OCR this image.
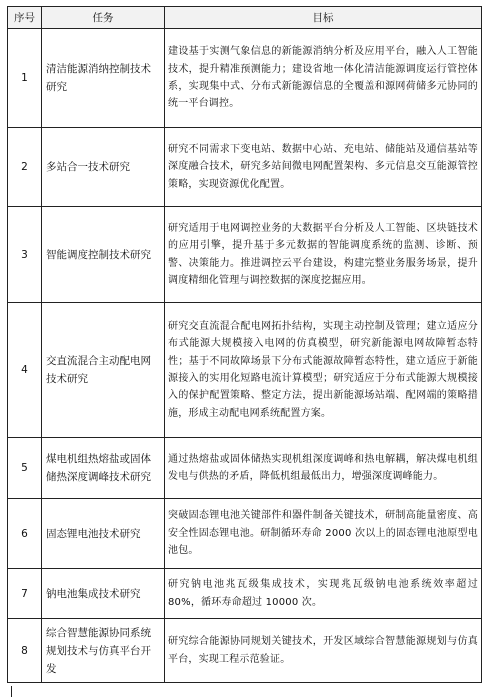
序号	任务	目标
1	清洁能源消纳控制技术研究	建设基于实测气象信息的新能源消纳分析及应用平台，融入人工智能技术，提升精准预测能力；建设省地一体化清洁能源调度运行管控体系，实现集中式、分布式新能源信息的全覆盖和源网荷储多元协同的统一平台调控。
2	多站合一技术研究	研究不同需求下变电站、数据中心站、充电站、储能站及通信基站等深度融合技术，研究多站间微电网配置架构、多元信息交互能源管控策略，实现资源优化配置。
3	智能调度控制技术研究	研究适用于电网调控业务的大数据平台分析及人工智能、区块链技术的应用引擎，提升基于多元数据的智能调度系统的监测、诊断、预警、决策能力。推进调控云平台建设，构建完整业务服务场景，提升调度精细化管理与调控数据的深度挖掘应用。
4	交直流混合主动配电网技术研究	研究交直流混合配电网拓扑结构，实现主动控制及管理；建立适应分布式能源大规模接入电网的仿真模型，研究新能源电网故障暂态特性；基于不同故障场景下分布式能源故障暂态特性，建立适应于新能源接入的实用化短路电流计算模型；研究适应于分布式能源大规模接入的保护配置策略、整定方法，提出新能源场站端、配网端的策略措施，形成主动配电网系统配置方案。
5	煤电机组热熔盐或固体储热深度调峰技术研究	通过热熔盐或固体储热实现机组深度调峰和热电解耦，解决煤电机组发电与供热的矛盾，降低机组最低出力，增强深度调峰能力。
6	固态锂电池技术研究	突破固态锂电池关键部件和器件制备关键技术，研制高能量密度、高安全性固态锂电池。研制循环寿命 2000 次以上的固态锂电池原型电池包。
7	钠电池集成技术研究	研究钠电池兆瓦级集成技术，实现兆瓦级钠电池系统效率超过 80%，循环寿命超过 10000 次。
8	综合智慧能源协同系统规划技术与仿真平台开发	研究综合能源协同规划关键技术，开发区域综合智慧能源规划与仿真平台，实现工程示范验证。
